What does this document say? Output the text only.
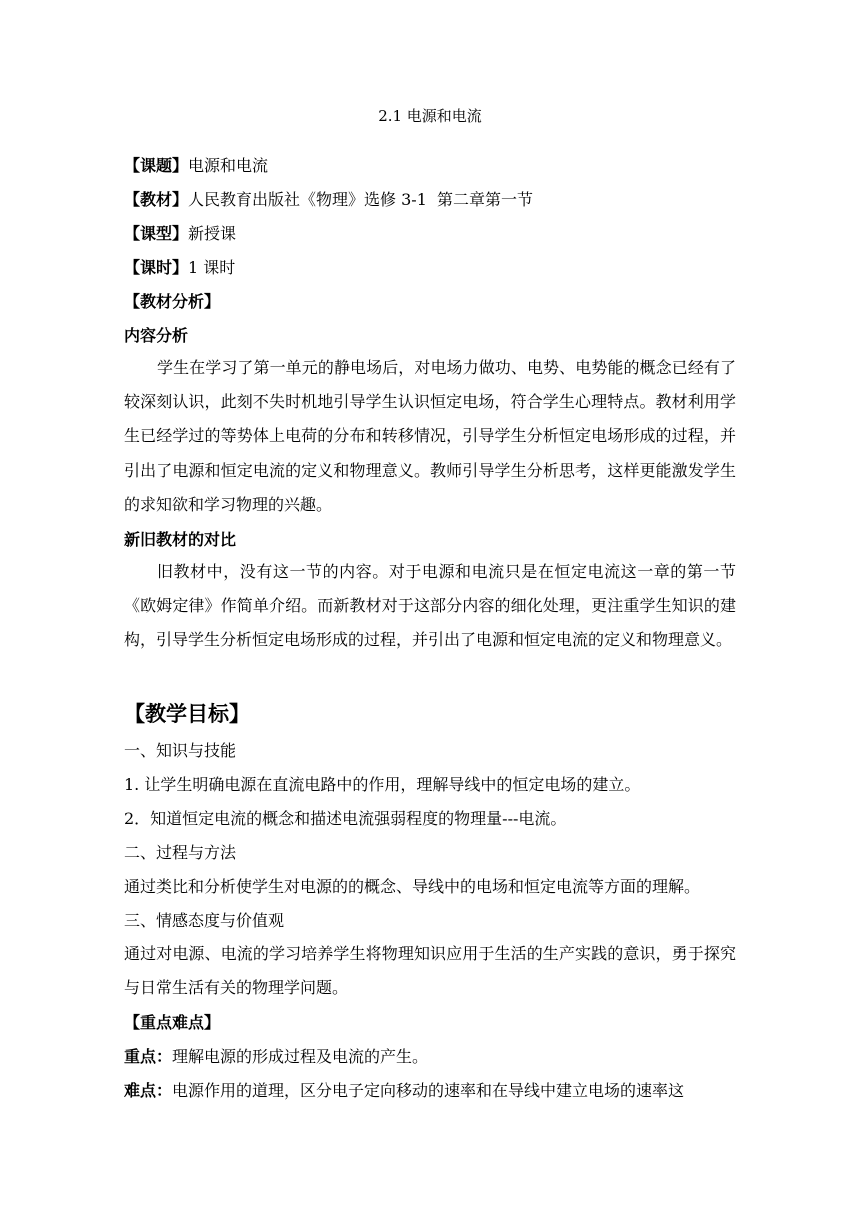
2.1 电源和电流
【课题】电源和电流
【教材】人民教育出版社《物理》选修 3-1  第二章第一节
【课型】新授课
【课时】1 课时
【教材分析】
内容分析
学生在学习了第一单元的静电场后，对电场力做功、电势、电势能的概念已经有了较深刻认识，此刻不失时机地引导学生认识恒定电场，符合学生心理特点。教材利用学生已经学过的等势体上电荷的分布和转移情况，引导学生分析恒定电场形成的过程，并引出了电源和恒定电流的定义和物理意义。教师引导学生分析思考，这样更能激发学生的求知欲和学习物理的兴趣。
新旧教材的对比
旧教材中，没有这一节的内容。对于电源和电流只是在恒定电流这一章的第一节《欧姆定律》作简单介绍。而新教材对于这部分内容的细化处理，更注重学生知识的建构，引导学生分析恒定电场形成的过程，并引出了电源和恒定电流的定义和物理意义。
【教学目标】
一、知识与技能
1. 让学生明确电源在直流电路中的作用，理解导线中的恒定电场的建立。
2．知道恒定电流的概念和描述电流强弱程度的物理量---电流。
二、过程与方法
通过类比和分析使学生对电源的的概念、导线中的电场和恒定电流等方面的理解。
三、情感态度与价值观
通过对电源、电流的学习培养学生将物理知识应用于生活的生产实践的意识，勇于探究与日常生活有关的物理学问题。
【重点难点】
重点：理解电源的形成过程及电流的产生。
难点：电源作用的道理，区分电子定向移动的速率和在导线中建立电场的速率这
